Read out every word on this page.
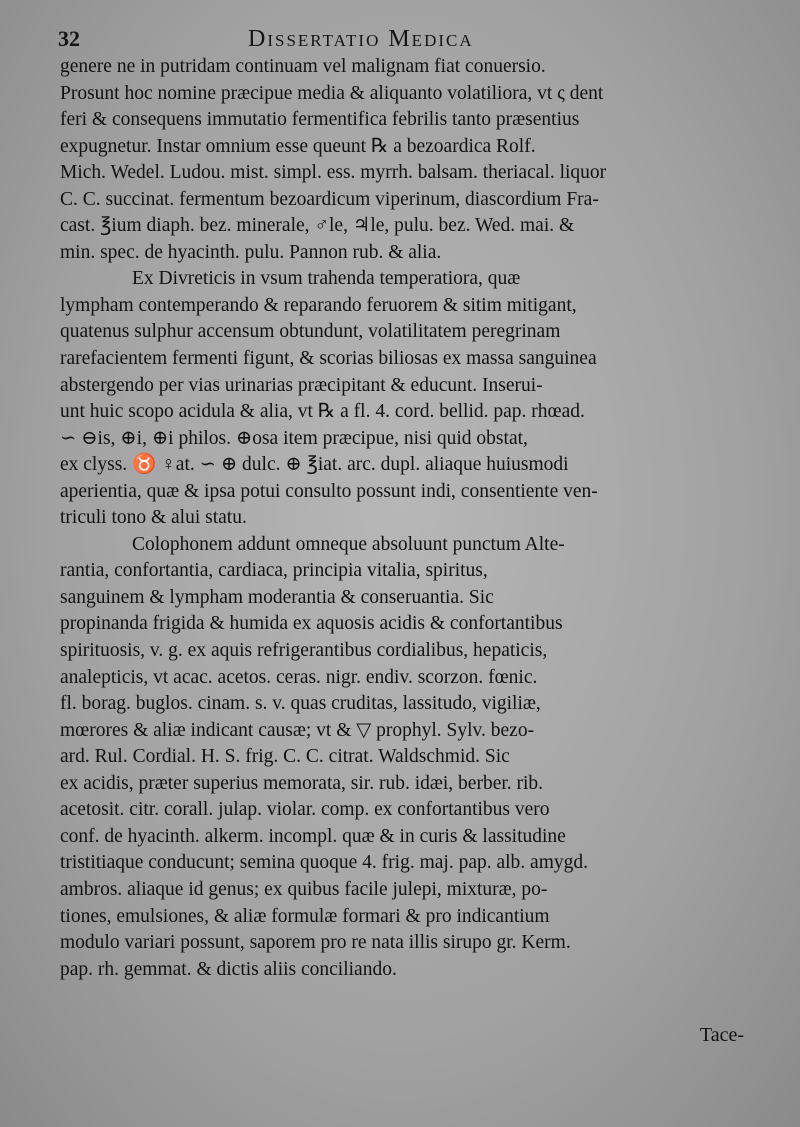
32	Dissertatio Medica

genere ne in putridam continuam vel malignam fiat conuersio.
Prosunt hoc nomine præcipue media & aliquanto volatiliora, vt ς dent
feri & consequens immutatio fermentifica febrilis tanto præsentius
expugnetur. Instar omnium esse queunt ℞ a bezoardica Rolf.
Mich. Wedel. Ludou. mist. simpl. ess. myrrh. balsam. theriacal. liquor
C. C. succinat. fermentum bezoardicum viperinum, diascordium Fra-
cast. ℥ium diaph. bez. minerale, ♂le, ♃le, pulu. bez. Wed. mai. &
min. spec. de hyacinth. pulu. Pannon rub. & alia.

Ex Divreticis in vsum trahenda temperatiora, quæ
lympham contemperando & reparando feruorem & sitim mitigant,
quatenus sulphur accensum obtundunt, volatilitatem peregrinam
rarefacientem fermenti figunt, & scorias biliosas ex massa sanguinea
abstergendo per vias urinarias præcipitant & educunt. Inserui-
unt huic scopo acidula & alia, vt ℞ a fl. 4. cord. bellid. pap. rhœad.
∽ ⊖is, ⊕i, ⊕i philos. ⊕osa item præcipue, nisi quid obstat,
ex clyss. ♉ ♀at. ∽ ⊕ dulc. ⊕ ℥iat. arc. dupl. aliaque huiusmodi
aperientia, quæ & ipsa potui consulto possunt indi, consentiente ven-
triculi tono & alui statu.

Colophonem addunt omneque absoluunt punctum Alte-
rantia, confortantia, cardiaca, principia vitalia, spiritus,
sanguinem & lympham moderantia & conseruantia. Sic
propinanda frigida & humida ex aquosis acidis & confortantibus
spirituosis, v. g. ex aquis refrigerantibus cordialibus, hepaticis,
analepticis, vt acac. acetos. ceras. nigr. endiv. scorzon. fœnic.
fl. borag. buglos. cinam. s. v. quas cruditas, lassitudo, vigiliæ,
mœrores & aliæ indicant causæ; vt & ▽ prophyl. Sylv. bezo-
ard. Rul. Cordial. H. S. frig. C. C. citrat. Waldschmid. Sic
ex acidis, præter superius memorata, sir. rub. idæi, berber. rib.
acetosit. citr. corall. julap. violar. comp. ex confortantibus vero
conf. de hyacinth. alkerm. incompl. quæ & in curis & lassitudine
tristitiaque conducunt; semina quoque 4. frig. maj. pap. alb. amygd.
ambros. aliaque id genus; ex quibus facile julepi, mixturæ, po-
tiones, emulsiones, & aliæ formulæ formari & pro indicantium
modulo variari possunt, saporem pro re nata illis sirupo gr. Kerm.
pap. rh. gemmat. & dictis aliis conciliando.

Tace-
